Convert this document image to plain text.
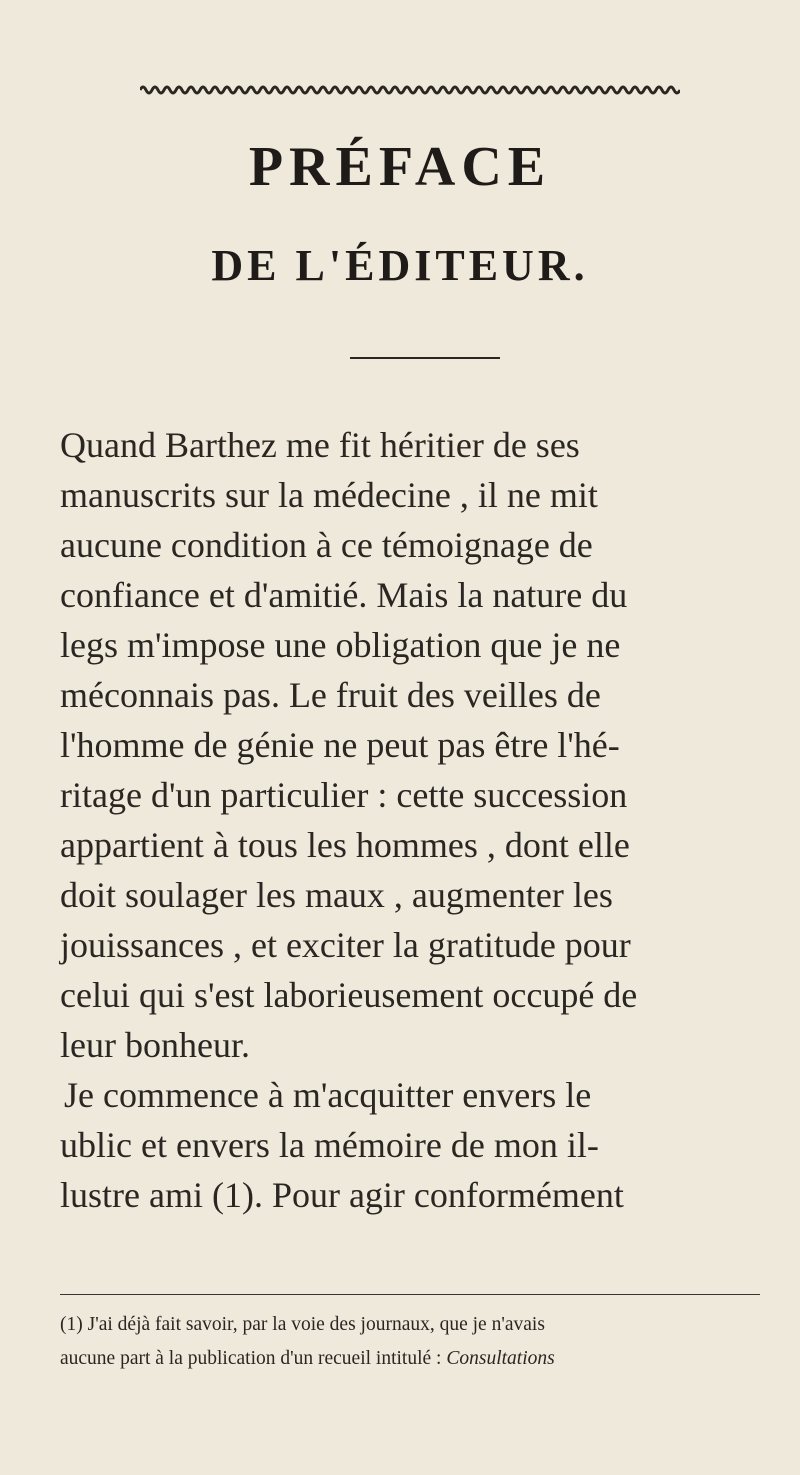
PRÉFACE
DE L'ÉDITEUR.
Quand Barthez me fit héritier de ses
manuscrits sur la médecine , il ne mit
aucune condition à ce témoignage de
confiance et d'amitié. Mais la nature du
legs m'impose une obligation que je ne
méconnais pas. Le fruit des veilles de
l'homme de génie ne peut pas être l'hé-
ritage d'un particulier : cette succession
appartient à tous les hommes , dont elle
doit soulager les maux , augmenter les
jouissances , et exciter la gratitude pour
celui qui s'est laborieusement occupé de
leur bonheur.
Je commence à m'acquitter envers le
ublic et envers la mémoire de mon il-
lustre ami (1). Pour agir conformément
(1) J'ai déjà fait savoir, par la voie des journaux, que je n'avais
aucune part à la publication d'un recueil intitulé : Consultations
